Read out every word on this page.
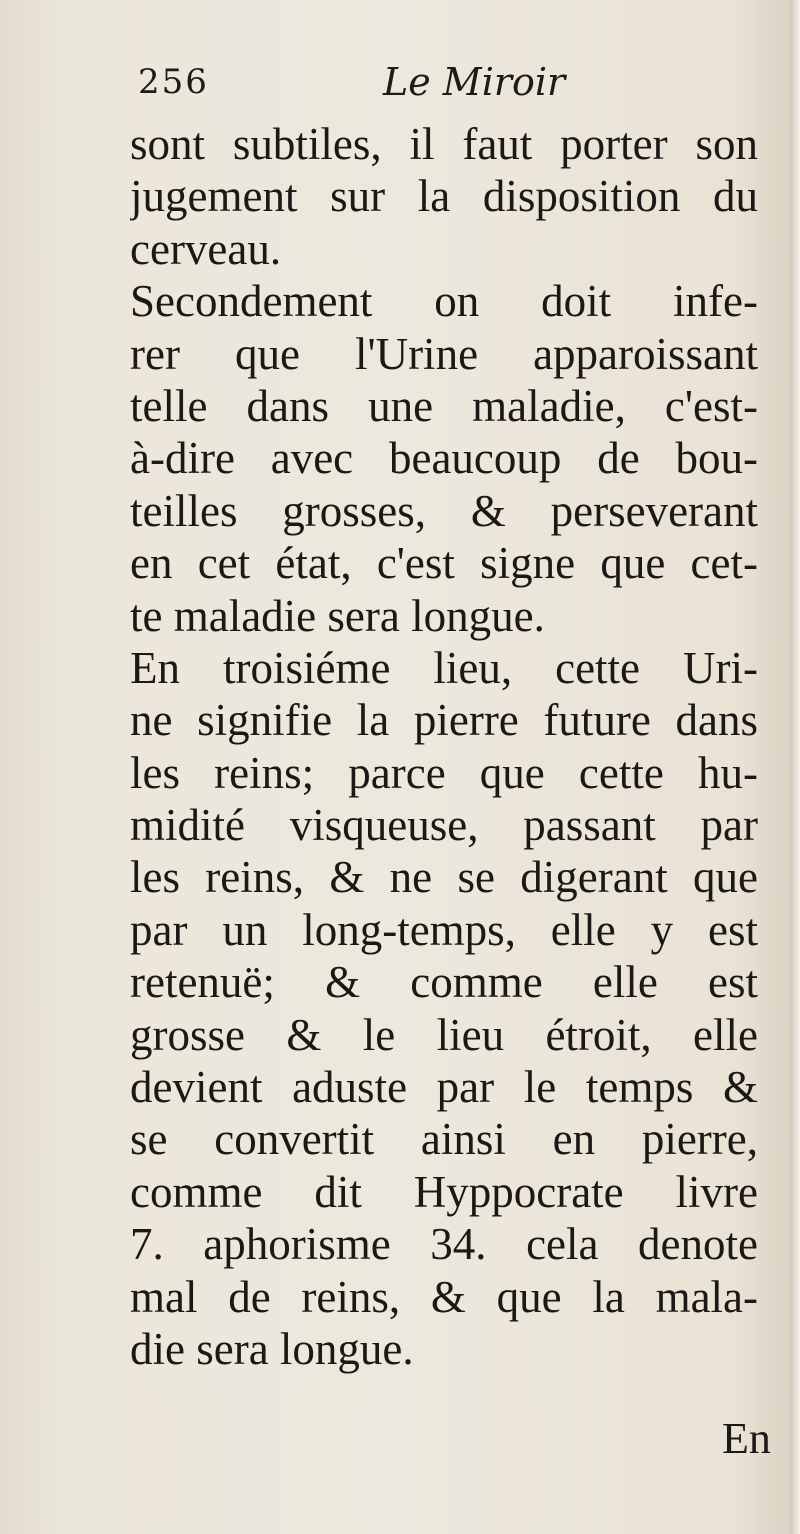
256	Le Miroir
sont subtiles, il faut porter son
jugement sur la disposition du
cerveau.
Secondement on doit infe-
rer que l'Urine apparoissant
telle dans une maladie, c'est-
à-dire avec beaucoup de bou-
teilles grosses, & perseverant
en cet état, c'est signe que cet-
te maladie sera longue.
En troisiéme lieu, cette Uri-
ne signifie la pierre future dans
les reins; parce que cette hu-
midité visqueuse, passant par
les reins, & ne se digerant que
par un long-temps, elle y est
retenuë; & comme elle est
grosse & le lieu étroit, elle
devient aduste par le temps &
se convertit ainsi en pierre,
comme dit Hyppocrate livre
7. aphorisme 34. cela denote
mal de reins, & que la mala-
die sera longue.
En
